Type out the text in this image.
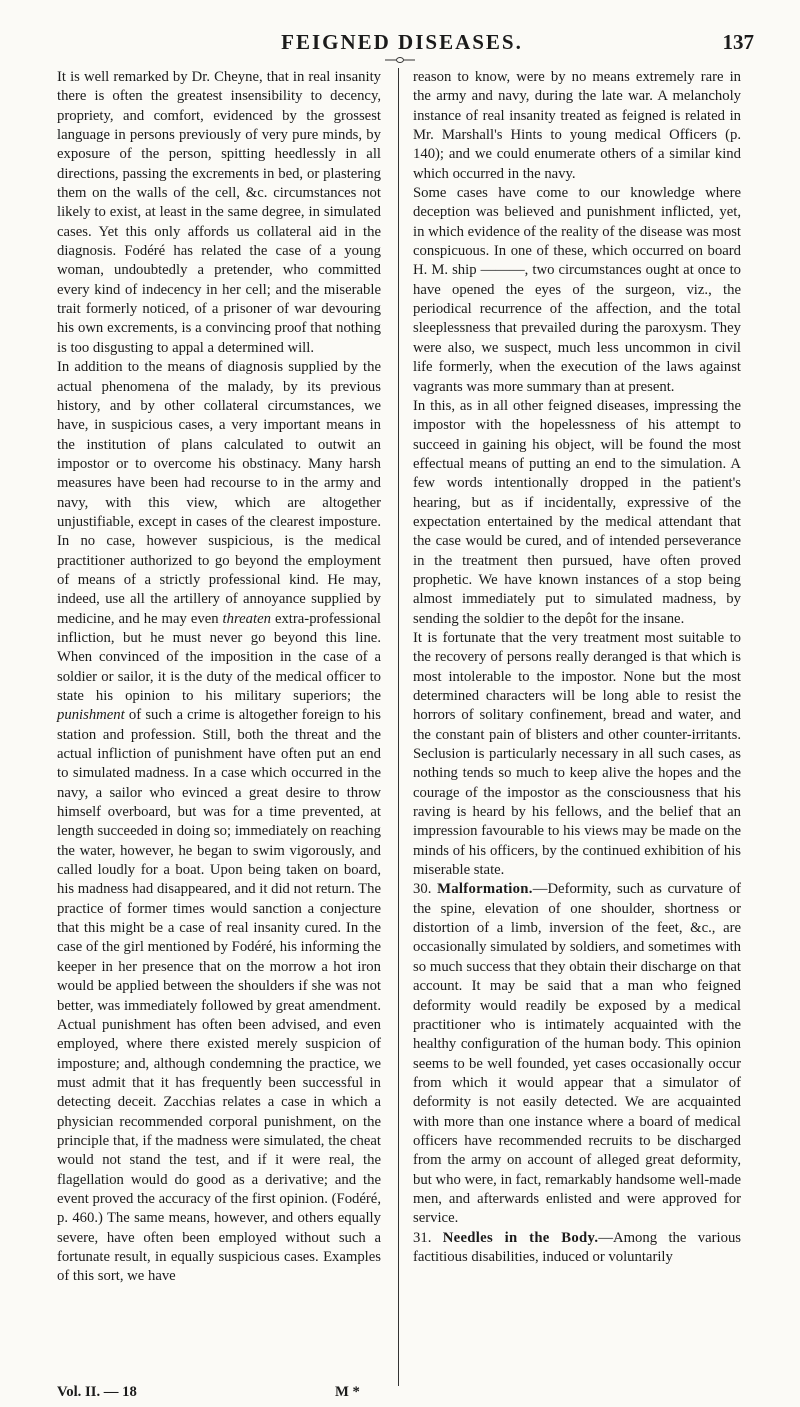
FEIGNED DISEASES.	137

It is well remarked by Dr. Cheyne, that in real insanity there is often the greatest insensibility to decency, propriety, and comfort, evidenced by the grossest language in persons previously of very pure minds, by exposure of the person, spitting heedlessly in all directions, passing the excrements in bed, or plastering them on the walls of the cell, &c. circumstances not likely to exist, at least in the same degree, in simulated cases. Yet this only affords us collateral aid in the diagnosis. Fodéré has related the case of a young woman, undoubtedly a pretender, who committed every kind of indecency in her cell; and the miserable trait formerly noticed, of a prisoner of war devouring his own excrements, is a convincing proof that nothing is too disgusting to appal a determined will.

In addition to the means of diagnosis supplied by the actual phenomena of the malady, by its previous history, and by other collateral circumstances, we have, in suspicious cases, a very important means in the institution of plans calculated to outwit an impostor or to overcome his obstinacy. Many harsh measures have been had recourse to in the army and navy, with this view, which are altogether unjustifiable, except in cases of the clearest imposture. In no case, however suspicious, is the medical practitioner authorized to go beyond the employment of means of a strictly professional kind. He may, indeed, use all the artillery of annoyance supplied by medicine, and he may even threaten extra-professional infliction, but he must never go beyond this line. When convinced of the imposition in the case of a soldier or sailor, it is the duty of the medical officer to state his opinion to his military superiors; the punishment of such a crime is altogether foreign to his station and profession. Still, both the threat and the actual infliction of punishment have often put an end to simulated madness. In a case which occurred in the navy, a sailor who evinced a great desire to throw himself overboard, but was for a time prevented, at length succeeded in doing so; immediately on reaching the water, however, he began to swim vigorously, and called loudly for a boat. Upon being taken on board, his madness had disappeared, and it did not return. The practice of former times would sanction a conjecture that this might be a case of real insanity cured. In the case of the girl mentioned by Fodéré, his informing the keeper in her presence that on the morrow a hot iron would be applied between the shoulders if she was not better, was immediately followed by great amendment. Actual punishment has often been advised, and even employed, where there existed merely suspicion of imposture; and, although condemning the practice, we must admit that it has frequently been successful in detecting deceit. Zacchias relates a case in which a physician recommended corporal punishment, on the principle that, if the madness were simulated, the cheat would not stand the test, and if it were real, the flagellation would do good as a derivative; and the event proved the accuracy of the first opinion. (Fodéré, p. 460.) The same means, however, and others equally severe, have often been employed without such a fortunate result, in equally suspicious cases. Examples of this sort, we have

reason to know, were by no means extremely rare in the army and navy, during the late war. A melancholy instance of real insanity treated as feigned is related in Mr. Marshall's Hints to young medical Officers (p. 140); and we could enumerate others of a similar kind which occurred in the navy.

Some cases have come to our knowledge where deception was believed and punishment inflicted, yet, in which evidence of the reality of the disease was most conspicuous. In one of these, which occurred on board H. M. ship ———, two circumstances ought at once to have opened the eyes of the surgeon, viz., the periodical recurrence of the affection, and the total sleeplessness that prevailed during the paroxysm. They were also, we suspect, much less uncommon in civil life formerly, when the execution of the laws against vagrants was more summary than at present.

In this, as in all other feigned diseases, impressing the impostor with the hopelessness of his attempt to succeed in gaining his object, will be found the most effectual means of putting an end to the simulation. A few words intentionally dropped in the patient's hearing, but as if incidentally, expressive of the expectation entertained by the medical attendant that the case would be cured, and of intended perseverance in the treatment then pursued, have often proved prophetic. We have known instances of a stop being almost immediately put to simulated madness, by sending the soldier to the depôt for the insane.

It is fortunate that the very treatment most suitable to the recovery of persons really deranged is that which is most intolerable to the impostor. None but the most determined characters will be long able to resist the horrors of solitary confinement, bread and water, and the constant pain of blisters and other counter-irritants. Seclusion is particularly necessary in all such cases, as nothing tends so much to keep alive the hopes and the courage of the impostor as the consciousness that his raving is heard by his fellows, and the belief that an impression favourable to his views may be made on the minds of his officers, by the continued exhibition of his miserable state.

30. Malformation.—Deformity, such as curvature of the spine, elevation of one shoulder, shortness or distortion of a limb, inversion of the feet, &c., are occasionally simulated by soldiers, and sometimes with so much success that they obtain their discharge on that account. It may be said that a man who feigned deformity would readily be exposed by a medical practitioner who is intimately acquainted with the healthy configuration of the human body. This opinion seems to be well founded, yet cases occasionally occur from which it would appear that a simulator of deformity is not easily detected. We are acquainted with more than one instance where a board of medical officers have recommended recruits to be discharged from the army on account of alleged great deformity, but who were, in fact, remarkably handsome well-made men, and afterwards enlisted and were approved for service.

31. Needles in the Body.—Among the various factitious disabilities, induced or voluntarily

Vol. II. — 18	M *
